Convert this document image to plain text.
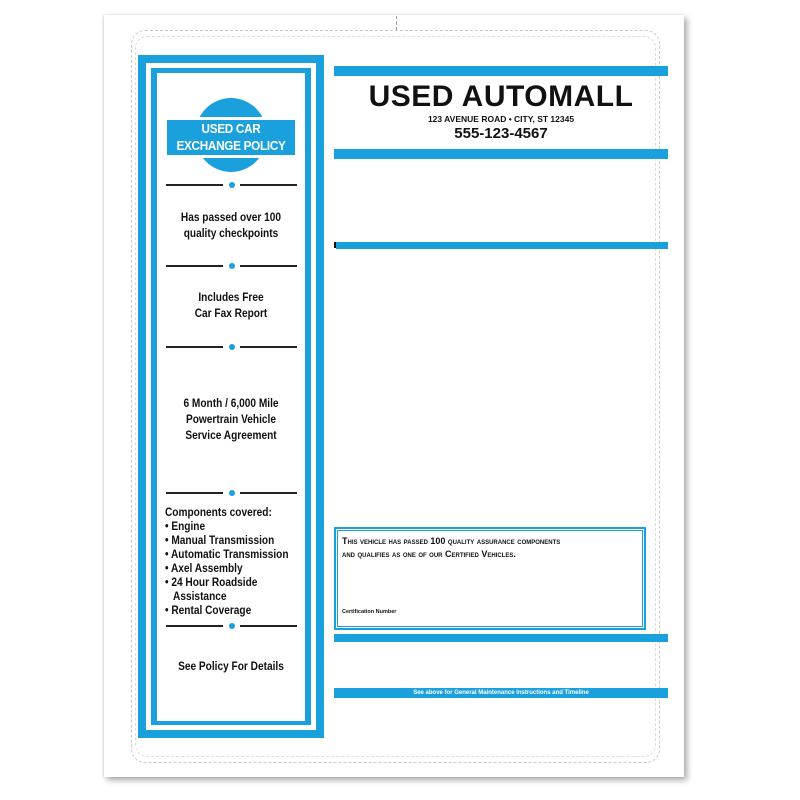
USED CAR
EXCHANGE POLICY
Has passed over 100
quality checkpoints
Includes Free
Car Fax Report
6 Month / 6,000 Mile
Powertrain Vehicle
Service Agreement
Components covered:
• Engine
• Manual Transmission
• Automatic Transmission
• Axel Assembly
• 24 Hour Roadside
Assistance
• Rental Coverage
See Policy For Details
USED AUTOMALL
123 AVENUE ROAD • CITY, ST 12345
555-123-4567
This vehicle has passed 100 quality assurance components
and qualifies as one of our Certified Vehicles.
Certification Number
See above for General Maintenance Instructions and Timeline
